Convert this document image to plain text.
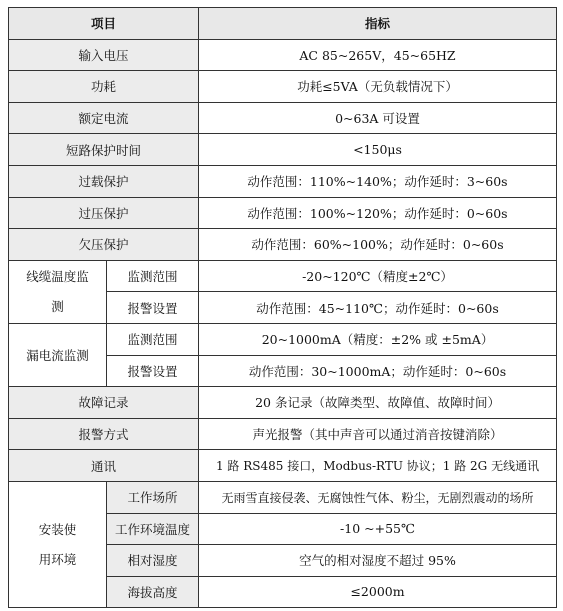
项目		指标
输入电压		AC 85~265V，45~65HZ
功耗		功耗≤5VA（无负载情况下）
额定电流		0~63A 可设置
短路保护时间		<150μs
过载保护		动作范围：110%~140%；动作延时：3~60s
过压保护		动作范围：100%~120%；动作延时：0~60s
欠压保护		动作范围：60%~100%；动作延时：0~60s
线缆温度监
测	监测范围	-20~120℃（精度±2℃）
	报警设置	动作范围：45~110℃；动作延时：0~60s
漏电流监测	监测范围	20~1000mA（精度：±2% 或 ±5mA）
	报警设置	动作范围：30~1000mA；动作延时：0~60s
故障记录		20 条记录（故障类型、故障值、故障时间）
报警方式		声光报警（其中声音可以通过消音按键消除）
通讯		1 路 RS485 接口，Modbus-RTU 协议；1 路 2G 无线通讯
安装使
用环境	工作场所	无雨雪直接侵袭、无腐蚀性气体、粉尘，无剧烈震动的场所
	工作环境温度	-10 ~+55℃
	相对湿度	空气的相对湿度不超过 95%
	海拔高度	≤2000m
